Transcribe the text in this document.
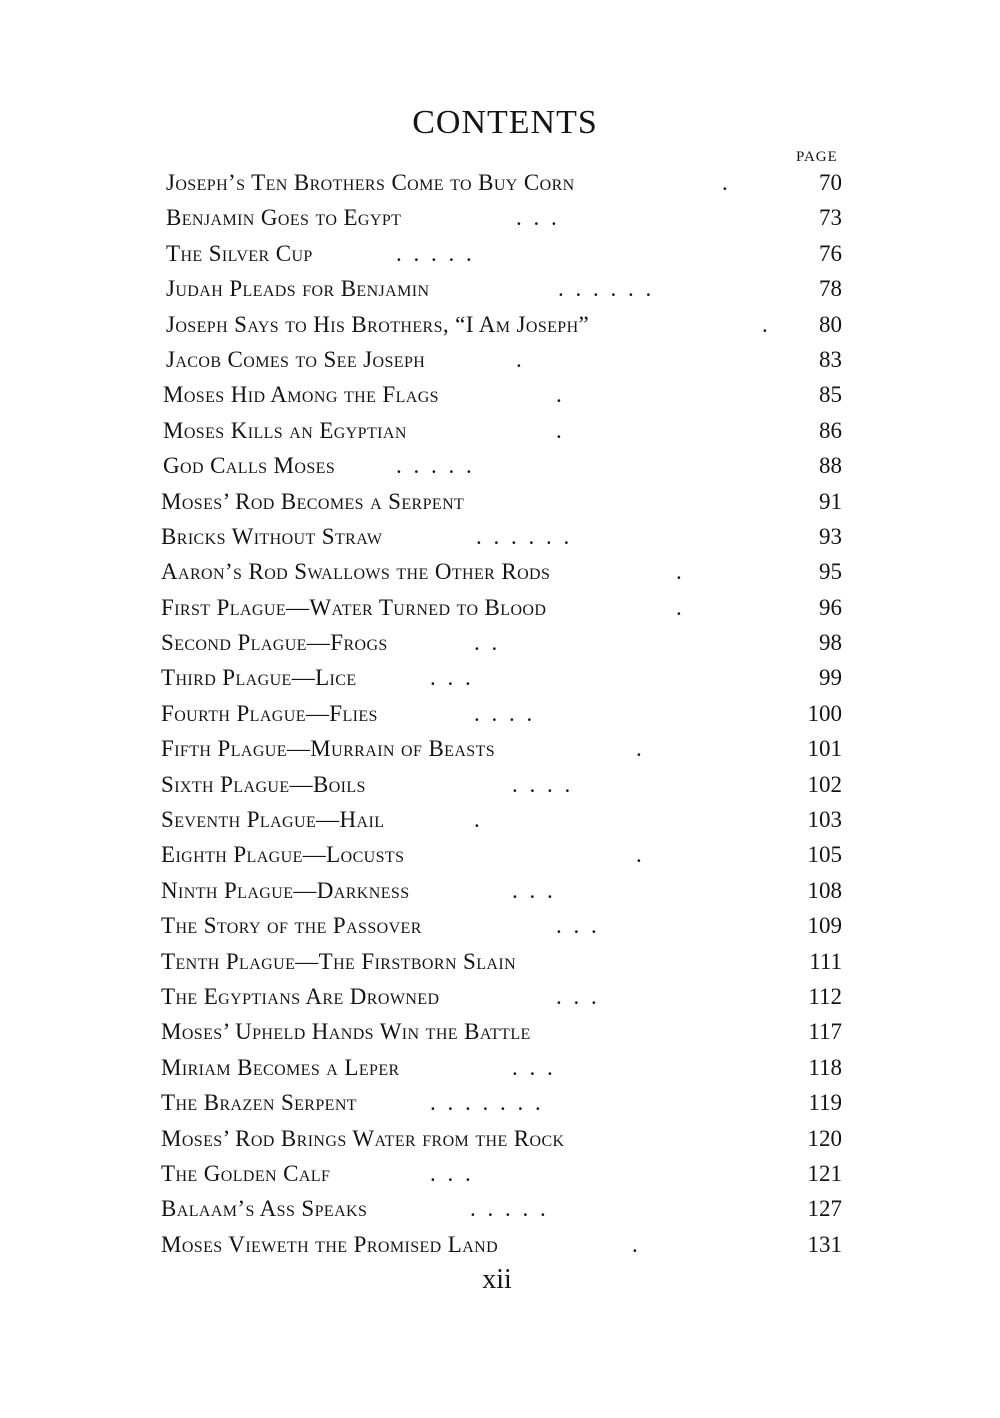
CONTENTS
PAGE
Joseph’s Ten Brothers Come to Buy Corn	.	70
Benjamin Goes to Egypt	. . .	73
The Silver Cup	. . . . .	76
Judah Pleads for Benjamin	. . . . . .	78
Joseph Says to His Brothers, “I Am Joseph”	. 80
Jacob Comes to See Joseph	.	83
Moses Hid Among the Flags	.	85
Moses Kills an Egyptian	.	86
God Calls Moses	. . . . .	88
Moses’ Rod Becomes a Serpent	91
Bricks Without Straw	. . . . . .	93
Aaron’s Rod Swallows the Other Rods	.	95
First Plague—Water Turned to Blood	.	96
Second Plague—Frogs	. .	98
Third Plague—Lice	. . .	99
Fourth Plague—Flies	. . . .	100
Fifth Plague—Murrain of Beasts	.	101
Sixth Plague—Boils	. . . .	102
Seventh Plague—Hail	.	103
Eighth Plague—Locusts	.	105
Ninth Plague—Darkness	. . .	108
The Story of the Passover	. . .	109
Tenth Plague—The Firstborn Slain	111
The Egyptians Are Drowned	. . .	112
Moses’ Upheld Hands Win the Battle	117
Miriam Becomes a Leper	. . .	118
The Brazen Serpent	. . . . . . .	119
Moses’ Rod Brings Water from the Rock	120
The Golden Calf	. . .	121
Balaam’s Ass Speaks	. . . . .	127
Moses Vieweth the Promised Land	.	131
xii
